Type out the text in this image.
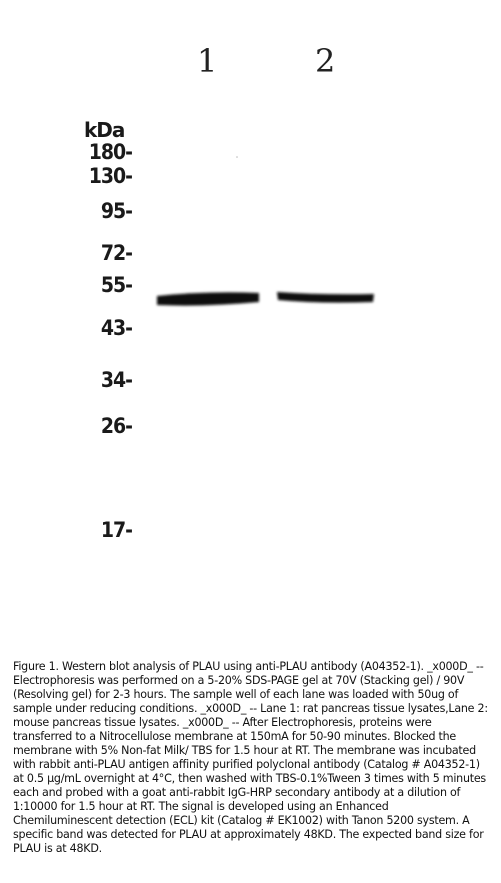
1	2
kDa
180-
130-
95-
72-
55-
43-
34-
26-
17-

Figure 1. Western blot analysis of PLAU using anti-PLAU antibody (A04352-1). _x000D_ -- Electrophoresis was performed on a 5-20% SDS-PAGE gel at 70V (Stacking gel) / 90V (Resolving gel) for 2-3 hours. The sample well of each lane was loaded with 50ug of sample under reducing conditions. _x000D_ -- Lane 1: rat pancreas tissue lysates,Lane 2: mouse pancreas tissue lysates. _x000D_ -- After Electrophoresis, proteins were transferred to a Nitrocellulose membrane at 150mA for 50-90 minutes. Blocked the membrane with 5% Non-fat Milk/ TBS for 1.5 hour at RT. The membrane was incubated with rabbit anti-PLAU antigen affinity purified polyclonal antibody (Catalog # A04352-1) at 0.5 μg/mL overnight at 4°C, then washed with TBS-0.1%Tween 3 times with 5 minutes each and probed with a goat anti-rabbit IgG-HRP secondary antibody at a dilution of 1:10000 for 1.5 hour at RT. The signal is developed using an Enhanced Chemiluminescent detection (ECL) kit (Catalog # EK1002) with Tanon 5200 system. A specific band was detected for PLAU at approximately 48KD. The expected band size for PLAU is at 48KD.
